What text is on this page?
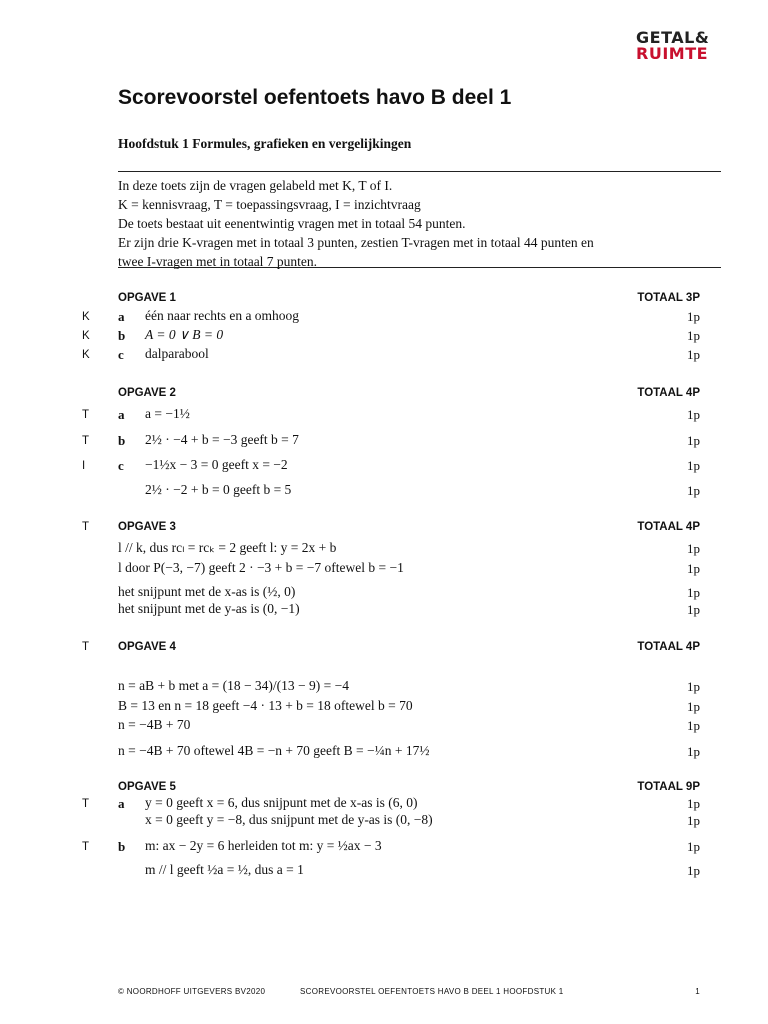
GETAL&
RUIMTE
Scorevoorstel oefentoets havo B deel 1
Hoofdstuk 1 Formules, grafieken en vergelijkingen
In deze toets zijn de vragen gelabeld met K, T of I.
K = kennisvraag, T = toepassingsvraag, I = inzichtvraag
De toets bestaat uit eenentwintig vragen met in totaal 54 punten.
Er zijn drie K-vragen met in totaal 3 punten, zestien T-vragen met in totaal 44 punten en
twee I-vragen met in totaal 7 punten.
OPGAVE 1	TOTAAL 3P
K a één naar rechts en a omhoog	1p
K b A = 0 ∨ B = 0	1p
K c dalparabool	1p
OPGAVE 2	TOTAAL 4P
T a a = −1½	1p
T b 2½ · −4 + b = −3 geeft b = 7	1p
I	c −1½x − 3 = 0 geeft x = −2	1p
2½ · −2 + b = 0 geeft b = 5	1p
T	OPGAVE 3	TOTAAL 4P
l // k, dus rcₗ = rcₖ = 2 geeft l: y = 2x + b	1p
l door P(−3, −7) geeft 2 · −3 + b = −7 oftewel b = −1	1p
het snijpunt met de x-as is (½, 0)	1p
het snijpunt met de y-as is (0, −1)	1p
T	OPGAVE 4	TOTAAL 4P
n = aB + b met a = (18 − 34)/(13 − 9) = −4	1p
B = 13 en n = 18 geeft −4 · 13 + b = 18 oftewel b = 70	1p
n = −4B + 70	1p
n = −4B + 70 oftewel 4B = −n + 70 geeft B = −¼n + 17½	1p
OPGAVE 5	TOTAAL 9P
T a y = 0 geeft x = 6, dus snijpunt met de x-as is (6, 0)	1p
x = 0 geeft y = −8, dus snijpunt met de y-as is (0, −8)	1p
T b m: ax − 2y = 6 herleiden tot m: y = ½ax − 3	1p
m // l geeft ½a = ½, dus a = 1	1p
© NOORDHOFF UITGEVERS BV2020	SCOREVOORSTEL OEFENTOETS HAVO B DEEL 1 HOOFDSTUK 1	1
